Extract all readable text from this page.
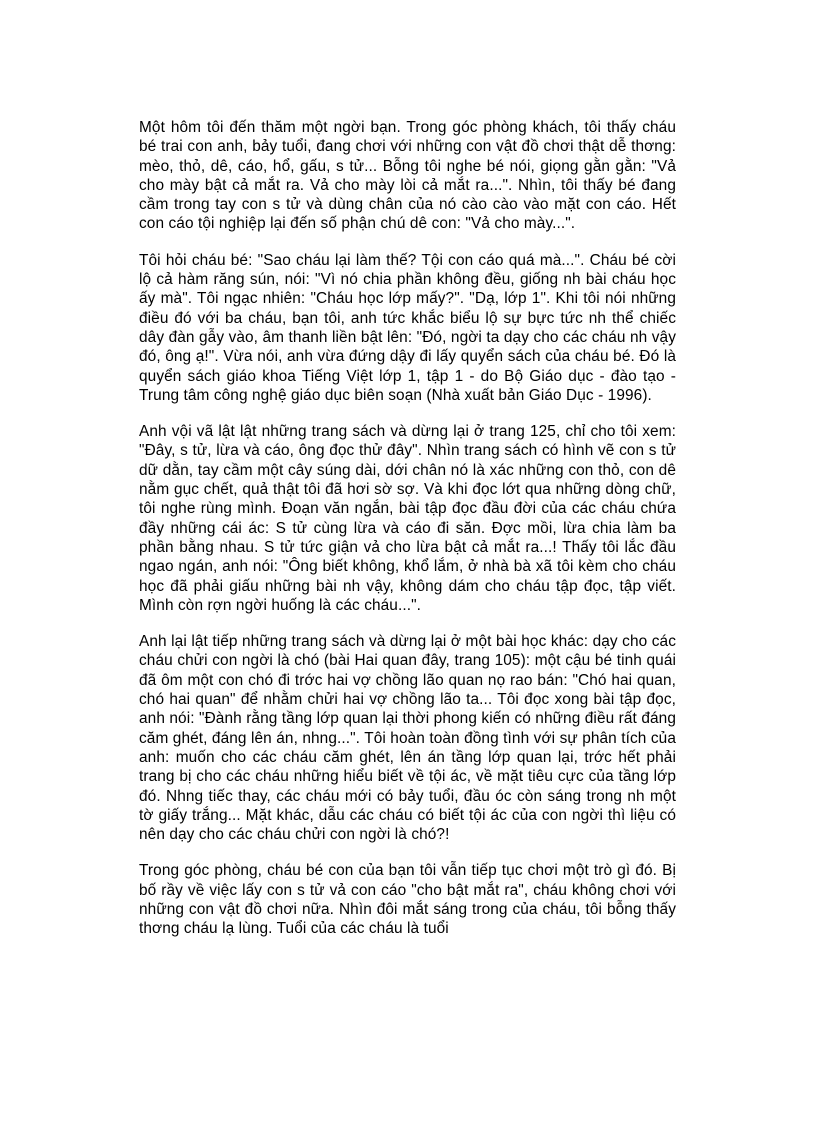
Một hôm tôi đến thăm một ngời bạn. Trong góc phòng khách, tôi thấy cháu bé trai con anh, bảy tuổi, đang chơi với những con vật đồ chơi thật dễ thơng: mèo, thỏ, dê, cáo, hổ, gấu, s tử... Bỗng tôi nghe bé nói, giọng gằn gằn: "Vả cho mày bật cả mắt ra. Vả cho mày lòi cả mắt ra...". Nhìn, tôi thấy bé đang cầm trong tay con s tử và dùng chân của nó cào cào vào mặt con cáo. Hết con cáo tội nghiệp lại đến số phận chú dê con: "Vả cho mày...".

Tôi hỏi cháu bé: "Sao cháu lại làm thế? Tội con cáo quá mà...". Cháu bé cời lộ cả hàm răng sún, nói: "Vì nó chia phần không đều, giống nh bài cháu học ấy mà". Tôi ngạc nhiên: "Cháu học lớp mấy?". "Dạ, lớp 1". Khi tôi nói những điều đó với ba cháu, bạn tôi, anh tức khắc biểu lộ sự bực tức nh thể chiếc dây đàn gẫy vào, âm thanh liền bật lên: "Đó, ngời ta dạy cho các cháu nh vậy đó, ông ạ!". Vừa nói, anh vừa đứng dậy đi lấy quyển sách của cháu bé. Đó là quyển sách giáo khoa Tiếng Việt lớp 1, tập 1 - do Bộ Giáo dục - đào tạo - Trung tâm công nghệ giáo dục biên soạn (Nhà xuất bản Giáo Dục - 1996).

Anh vội vã lật lật những trang sách và dừng lại ở trang 125, chỉ cho tôi xem: "Đây, s tử, lừa và cáo, ông đọc thử đây". Nhìn trang sách có hình vẽ con s tử dữ dằn, tay cầm một cây súng dài, dới chân nó là xác những con thỏ, con dê nằm gục chết, quả thật tôi đã hơi sờ sợ. Và khi đọc lớt qua những dòng chữ, tôi nghe rùng mình. Đoạn văn ngắn, bài tập đọc đầu đời của các cháu chứa đầy những cái ác: S tử cùng lừa và cáo đi săn. Đợc mồi, lừa chia làm ba phần bằng nhau. S tử tức giận vả cho lừa bật cả mắt ra...! Thấy tôi lắc đầu ngao ngán, anh nói: "Ông biết không, khổ lắm, ở nhà bà xã tôi kèm cho cháu học đã phải giấu những bài nh vậy, không dám cho cháu tập đọc, tập viết. Mình còn rợn ngời huống là các cháu...".

Anh lại lật tiếp những trang sách và dừng lại ở một bài học khác: dạy cho các cháu chửi con ngời là chó (bài Hai quan đây, trang 105): một cậu bé tinh quái đã ôm một con chó đi trớc hai vợ chồng lão quan nọ rao bán: "Chó hai quan, chó hai quan" để nhằm chửi hai vợ chồng lão ta... Tôi đọc xong bài tập đọc, anh nói: "Đành rằng tầng lớp quan lại thời phong kiến có những điều rất đáng căm ghét, đáng lên án, nhng...". Tôi hoàn toàn đồng tình với sự phân tích của anh: muốn cho các cháu căm ghét, lên án tầng lớp quan lại, trớc hết phải trang bị cho các cháu những hiểu biết về tội ác, về mặt tiêu cực của tầng lớp đó. Nhng tiếc thay, các cháu mới có bảy tuổi, đầu óc còn sáng trong nh một tờ giấy trắng... Mặt khác, dẫu các cháu có biết tội ác của con ngời thì liệu có nên dạy cho các cháu chửi con ngời là chó?!

Trong góc phòng, cháu bé con của bạn tôi vẫn tiếp tục chơi một trò gì đó. Bị bố rầy về việc lấy con s tử vả con cáo "cho bật mắt ra", cháu không chơi với những con vật đồ chơi nữa. Nhìn đôi mắt sáng trong của cháu, tôi bỗng thấy thơng cháu lạ lùng. Tuổi của các cháu là tuổi
